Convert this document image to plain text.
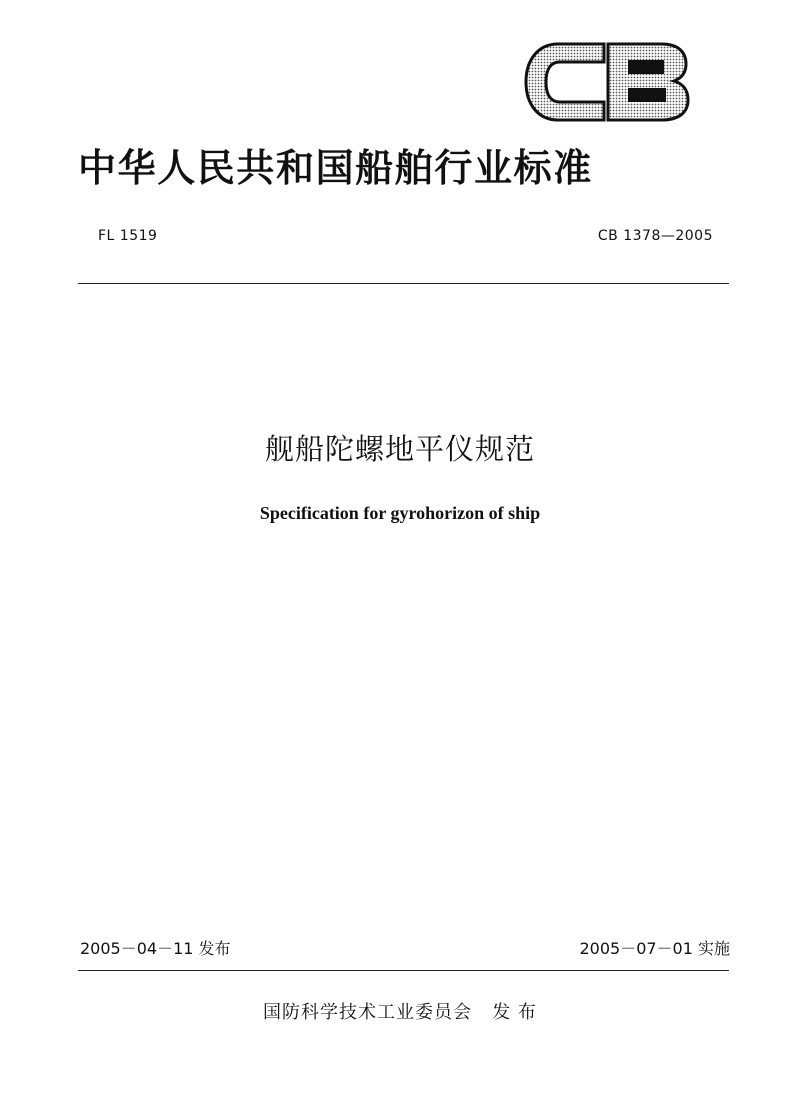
中华人民共和国船舶行业标准
FL 1519	CB 1378—2005
舰船陀螺地平仪规范
Specification for gyrohorizon of ship
2005－04－11 发布	2005－07－01 实施
国防科学技术工业委员会   发 布
